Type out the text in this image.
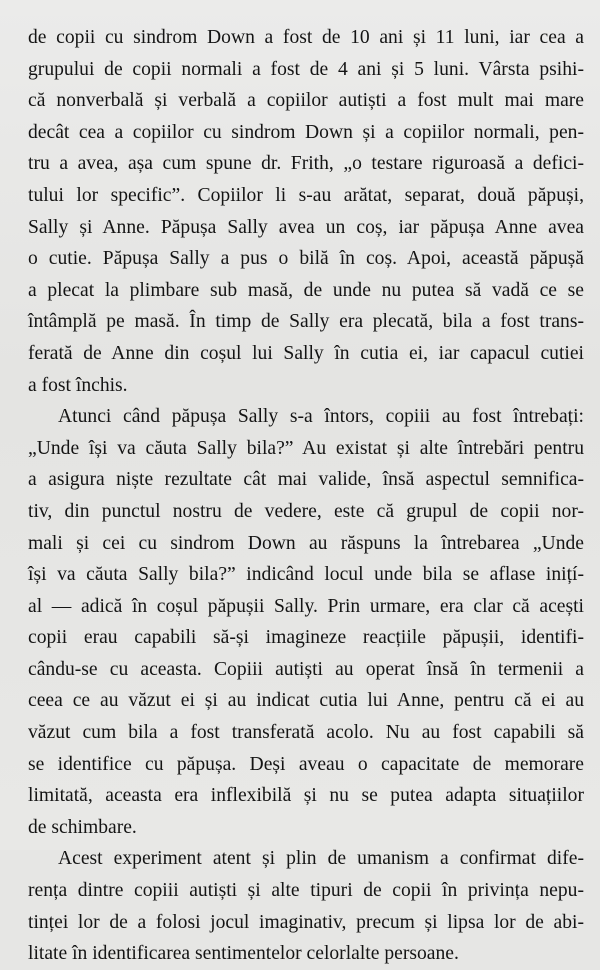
de copii cu sindrom Down a fost de 10 ani și 11 luni, iar cea a
grupului de copii normali a fost de 4 ani și 5 luni. Vârsta psihi-
că nonverbală și verbală a copiilor autiști a fost mult mai mare
decât cea a copiilor cu sindrom Down și a copiilor normali, pen-
tru a avea, așa cum spune dr. Frith, „o testare riguroasă a defici-
tului lor specific”. Copiilor li s-au arătat, separat, două păpuși,
Sally și Anne. Păpușa Sally avea un coș, iar păpușa Anne avea
o cutie. Păpușa Sally a pus o bilă în coș. Apoi, această păpușă
a plecat la plimbare sub masă, de unde nu putea să vadă ce se
întâmplă pe masă. În timp de Sally era plecată, bila a fost trans-
ferată de Anne din coșul lui Sally în cutia ei, iar capacul cutiei
a fost închis.
Atunci când păpușa Sally s-a întors, copiii au fost întrebați:
„Unde își va căuta Sally bila?” Au existat și alte întrebări pentru
a asigura niște rezultate cât mai valide, însă aspectul semnifica-
tiv, din punctul nostru de vedere, este că grupul de copii nor-
mali și cei cu sindrom Down au răspuns la întrebarea „Unde
își va căuta Sally bila?” indicând locul unde bila se aflase inițí-
al — adică în coșul păpușii Sally. Prin urmare, era clar că acești
copii erau capabili să-și imagineze reacțiile păpușii, identifi-
cându-se cu aceasta. Copiii autiști au operat însă în termenii a
ceea ce au văzut ei și au indicat cutia lui Anne, pentru că ei au
văzut cum bila a fost transferată acolo. Nu au fost capabili să
se identifice cu păpușa. Deși aveau o capacitate de memorare
limitată, aceasta era inflexibilă și nu se putea adapta situațiilor
de schimbare.
Acest experiment atent și plin de umanism a confirmat dife-
rența dintre copiii autiști și alte tipuri de copii în privința nepu-
tinței lor de a folosi jocul imaginativ, precum și lipsa lor de abi-
litate în identificarea sentimentelor celorlalte persoane.
